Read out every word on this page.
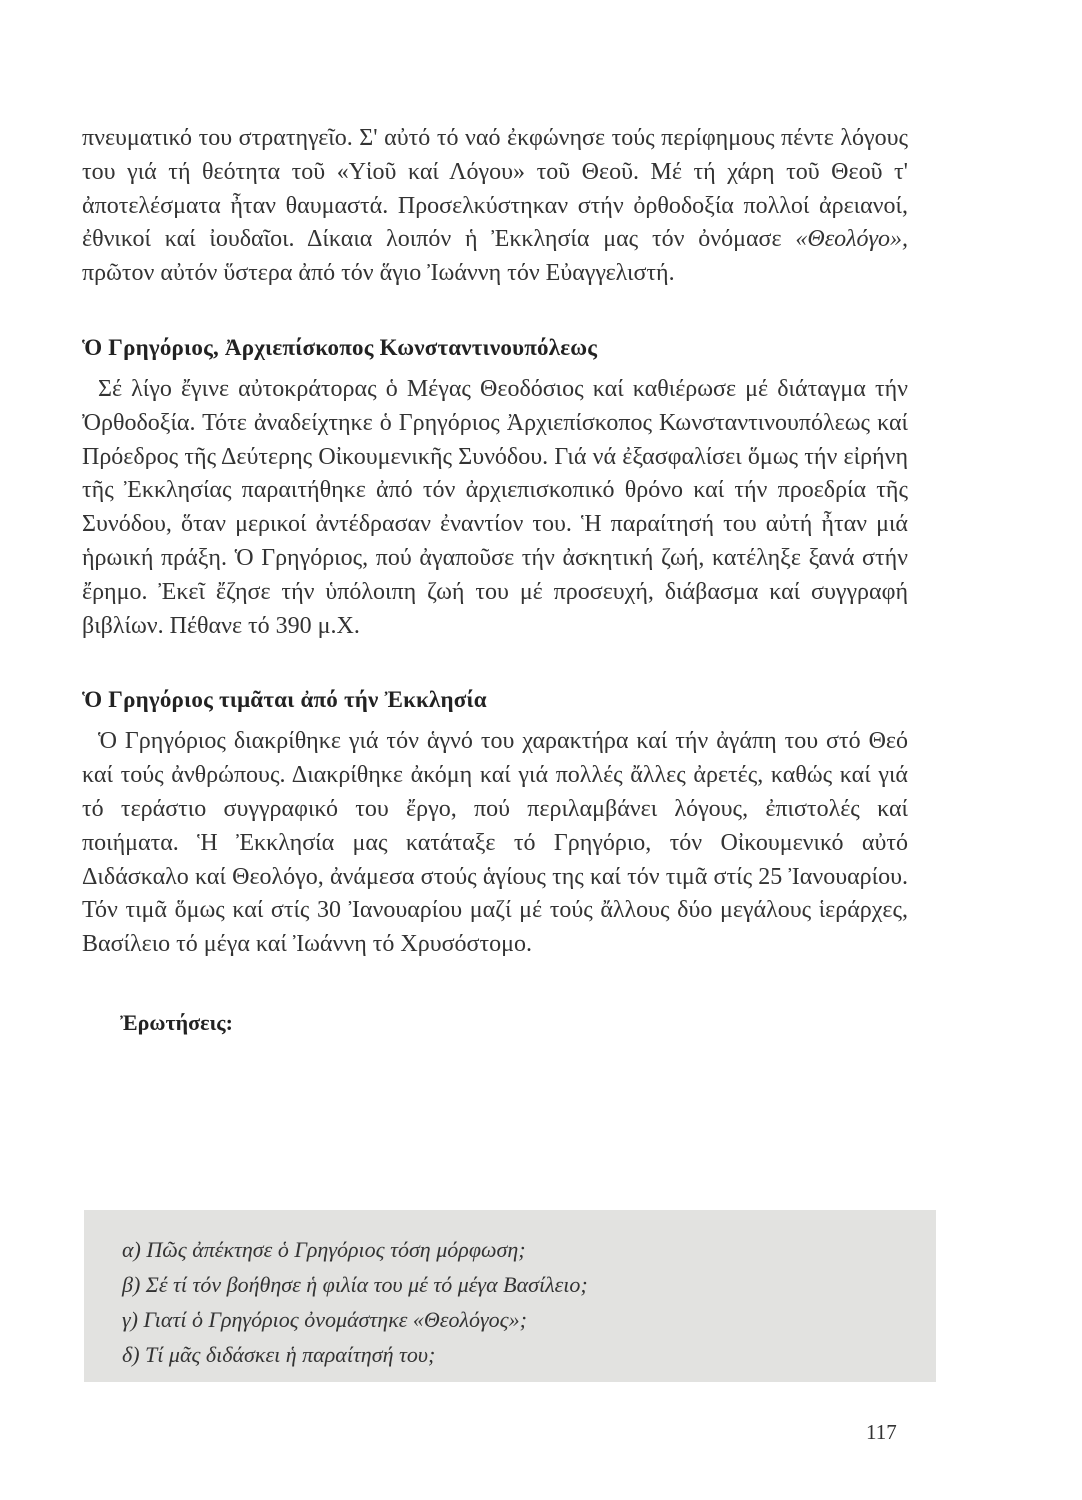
πνευματικό του στρατηγεῖο. Σ' αὐτό τό ναό ἐκφώνησε τούς περίφημους πέντε λόγους του γιά τή θεότητα τοῦ «Υἱοῦ καί Λόγου» τοῦ Θεοῦ. Μέ τή χάρη τοῦ Θεοῦ τ' ἀποτελέσματα ἦταν θαυμαστά. Προσελκύστηκαν στήν ὀρθοδοξία πολλοί ἀρειανοί, ἐθνικοί καί ἰουδαῖοι. Δίκαια λοιπόν ἡ Ἐκκλησία μας τόν ὀνόμασε «Θεολόγο», πρῶτον αὐτόν ὕστερα ἀπό τόν ἅγιο Ἰωάννη τόν Εὐαγγελιστή.

Ὁ Γρηγόριος, Ἀρχιεπίσκοπος Κωνσταντινουπόλεως

Σέ λίγο ἔγινε αὐτοκράτορας ὁ Μέγας Θεοδόσιος καί καθιέρωσε μέ διάταγμα τήν Ὀρθοδοξία. Τότε ἀναδείχτηκε ὁ Γρηγόριος Ἀρχιεπίσκοπος Κωνσταντινουπόλεως καί Πρόεδρος τῆς Δεύτερης Οἰκουμενικῆς Συνόδου. Γιά νά ἐξασφαλίσει ὅμως τήν εἰρήνη τῆς Ἐκκλησίας παραιτήθηκε ἀπό τόν ἀρχιεπισκοπικό θρόνο καί τήν προεδρία τῆς Συνόδου, ὅταν μερικοί ἀντέδρασαν ἐναντίον του. Ἡ παραίτησή του αὐτή ἦταν μιά ἡρωική πράξη. Ὁ Γρηγόριος, πού ἀγαποῦσε τήν ἀσκητική ζωή, κατέληξε ξανά στήν ἔρημο. Ἐκεῖ ἔζησε τήν ὑπόλοιπη ζωή του μέ προσευχή, διάβασμα καί συγγραφή βιβλίων. Πέθανε τό 390 μ.Χ.

Ὁ Γρηγόριος τιμᾶται ἀπό τήν Ἐκκλησία

Ὁ Γρηγόριος διακρίθηκε γιά τόν ἁγνό του χαρακτήρα καί τήν ἀγάπη του στό Θεό καί τούς ἀνθρώπους. Διακρίθηκε ἀκόμη καί γιά πολλές ἄλλες ἀρετές, καθώς καί γιά τό τεράστιο συγγραφικό του ἔργο, πού περιλαμβάνει λόγους, ἐπιστολές καί ποιήματα. Ἡ Ἐκκλησία μας κατάταξε τό Γρηγόριο, τόν Οἰκουμενικό αὐτό Διδάσκαλο καί Θεολόγο, ἀνάμεσα στούς ἁγίους της καί τόν τιμᾶ στίς 25 Ἰανουαρίου. Τόν τιμᾶ ὅμως καί στίς 30 Ἰανουαρίου μαζί μέ τούς ἄλλους δύο μεγάλους ἱεράρχες, Βασίλειο τό μέγα καί Ἰωάννη τό Χρυσόστομο.

Ἐρωτήσεις:
α) Πῶς ἀπέκτησε ὁ Γρηγόριος τόση μόρφωση;
β) Σέ τί τόν βοήθησε ἡ φιλία του μέ τό μέγα Βασίλειο;
γ) Γιατί ὁ Γρηγόριος ὀνομάστηκε «Θεολόγος»;
δ) Τί μᾶς διδάσκει ἡ παραίτησή του;
117
